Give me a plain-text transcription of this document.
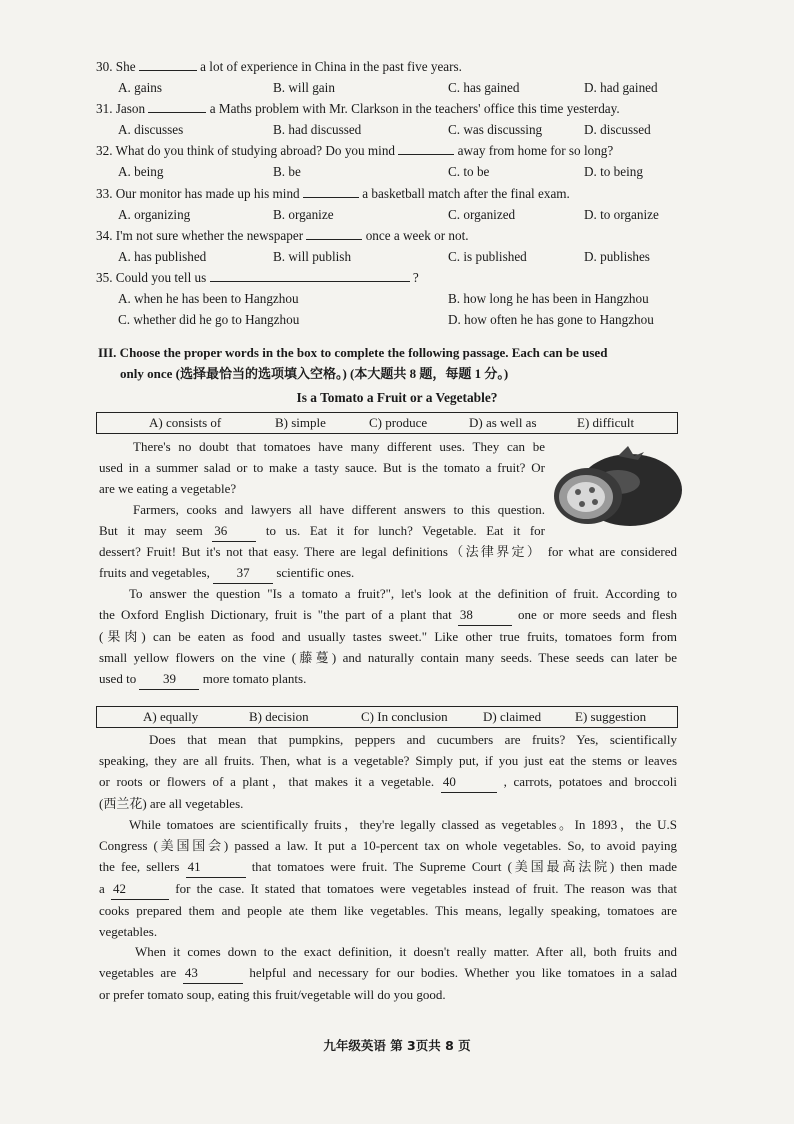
30. She	a lot of experience in China in the past five years.
A. gains	B. will gain	C. has gained	D. had gained
31. Jason	a Maths problem with Mr. Clarkson in the teachers' office this time yesterday.
A. discusses	B. had discussed	C. was discussing	D. discussed
32. What do you think of studying abroad? Do you mind	away from home for so long?
A. being	B. be	C. to be	D. to being
33. Our monitor has made up his mind	a basketball match after the final exam.
A. organizing	B. organize	C. organized	D. to organize
34. I'm not sure whether the newspaper	once a week or not.
A. has published	B. will publish	C. is published	D. publishes
35. Could you tell us	?
A. when he has been to Hangzhou	B. how long he has been in Hangzhou
C. whether did he go to Hangzhou	D. how often he has gone to Hangzhou
III. Choose the proper words in the box to complete the following passage. Each can be used
only once (选择最恰当的选项填入空格。) (本大题共 8 题，每题 1 分。)
Is a Tomato a Fruit or a Vegetable?
A) consists of	B) simple	C) produce	D) as well as	E) difficult
There's no doubt that tomatoes have many different uses. They can be
used in a summer salad or to make a tasty sauce. But is the tomato a fruit? Or
are we eating a vegetable?
Farmers, cooks and lawyers all have different answers to this question.
But it may seem 36	to us. Eat it for lunch? Vegetable. Eat it for
dessert? Fruit! But it's not that easy. There are legal definitions（法律界定） for what are considered
fruits and vegetables, 37 scientific ones.
To answer the question "Is a tomato a fruit?", let's look at the definition of fruit. According to
the Oxford English Dictionary, fruit is "the part of a plant that 38	one or more seeds and flesh
(果肉) can be eaten as food and usually tastes sweet." Like other true fruits, tomatoes form from
small yellow flowers on the vine (藤蔓) and naturally contain many seeds. These seeds can later be
used to 39 more tomato plants.
A) equally	B) decision	C) In conclusion	D) claimed	E) suggestion
Does that mean that pumpkins, peppers and cucumbers are fruits? Yes, scientifically
speaking, they are all fruits. Then, what is a vegetable? Simply put, if you just eat the stems or leaves
or roots or flowers of a plant，that makes it a vegetable. 40	, carrots, potatoes and broccoli
(西兰花) are all vegetables.
While tomatoes are scientifically fruits，they're legally classed as vegetables。In 1893，the U.S
Congress (美国国会) passed a law. It put a 10-percent tax on whole vegetables. So, to avoid paying
the fee, sellers 41	that tomatoes were fruit. The Supreme Court (美国最高法院) then made
a 42	for the case. It stated that tomatoes were vegetables instead of fruit. The reason was that
cooks prepared them and people ate them like vegetables. This means, legally speaking, tomatoes are
vegetables.
When it comes down to the exact definition, it doesn't really matter. After all, both fruits and
vegetables are 43	helpful and necessary for our bodies. Whether you like tomatoes in a salad
or prefer tomato soup, eating this fruit/vegetable will do you good.
九年级英语 第 3页共 8 页
